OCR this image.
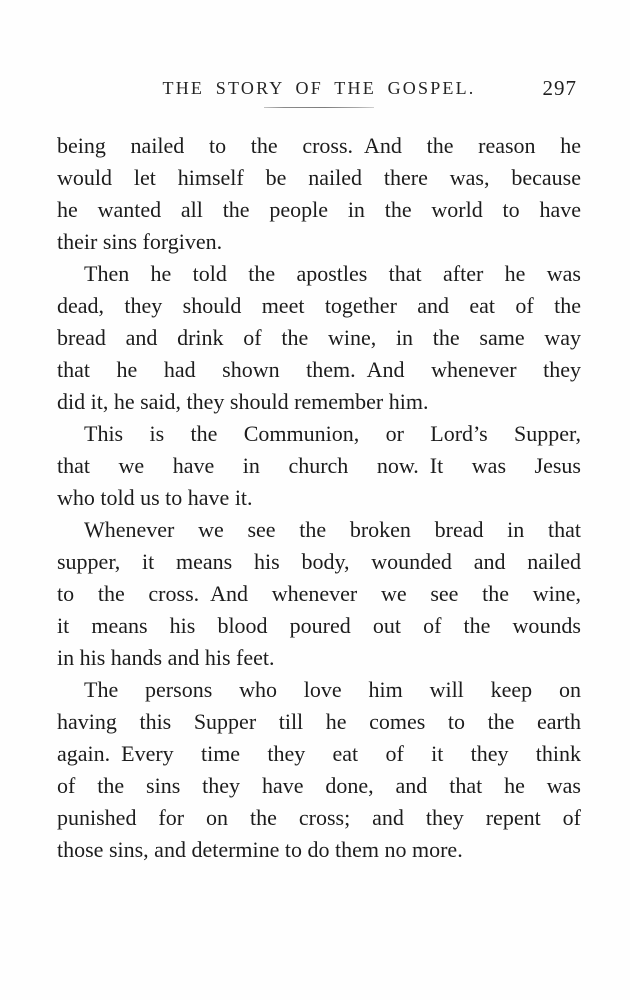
THE STORY OF THE GOSPEL.	297
being nailed to the cross. And the reason he
would let himself be nailed there was, because
he wanted all the people in the world to have
their sins forgiven.
Then he told the apostles that after he was
dead, they should meet together and eat of the
bread and drink of the wine, in the same way
that he had shown them. And whenever they
did it, he said, they should remember him.
This is the Communion, or Lord’s Supper,
that we have in church now. It was Jesus
who told us to have it.
Whenever we see the broken bread in that
supper, it means his body, wounded and nailed
to the cross. And whenever we see the wine,
it means his blood poured out of the wounds
in his hands and his feet.
The persons who love him will keep on
having this Supper till he comes to the earth
again. Every time they eat of it they think
of the sins they have done, and that he was
punished for on the cross; and they repent of
those sins, and determine to do them no more.
